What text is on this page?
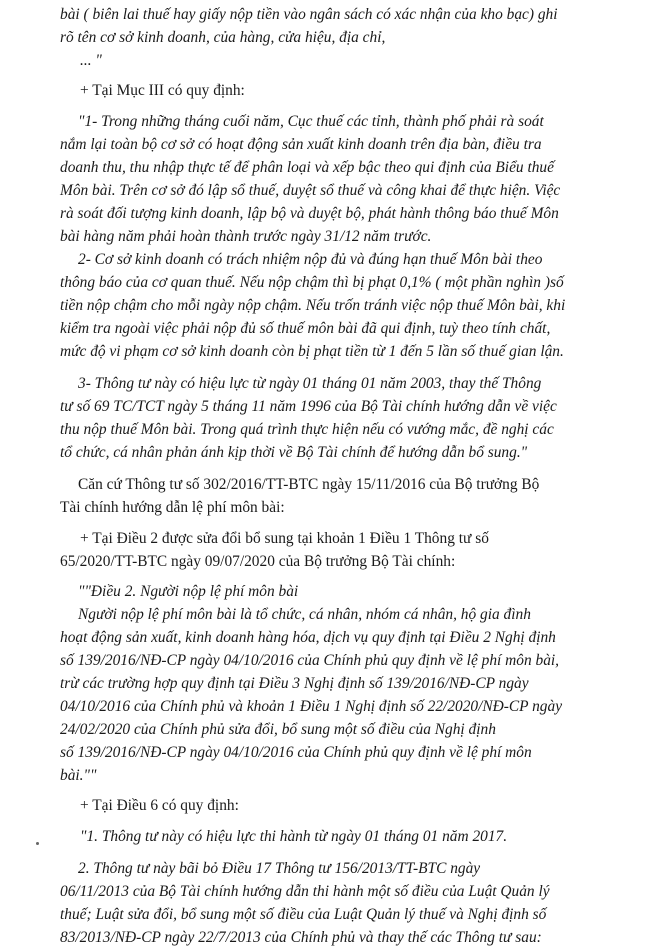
bài ( biên lai thuế hay giấy nộp tiền vào ngân sách có xác nhận của kho bạc) ghi
rõ tên cơ sở kinh doanh, của hàng, cửa hiệu, địa chỉ,
... "
+ Tại Mục III có quy định:
"1- Trong những tháng cuối năm, Cục thuế các tỉnh, thành phố phải rà soát
nắm lại toàn bộ cơ sở có hoạt động sản xuất kinh doanh trên địa bàn, điều tra
doanh thu, thu nhập thực tế để phân loại và xếp bậc theo qui định của Biểu thuế
Môn bài. Trên cơ sở đó lập sổ thuế, duyệt sổ thuế và công khai để thực hiện. Việc
rà soát đối tượng kinh doanh, lập bộ và duyệt bộ, phát hành thông báo thuế Môn
bài hàng năm phải hoàn thành trước ngày 31/12 năm trước.
2- Cơ sở kinh doanh có trách nhiệm nộp đủ và đúng hạn thuế Môn bài theo
thông báo của cơ quan thuế. Nếu nộp chậm thì bị phạt 0,1% ( một phần nghìn )số
tiền nộp chậm cho mỗi ngày nộp chậm. Nếu trốn tránh việc nộp thuế Môn bài, khi
kiểm tra ngoài việc phải nộp đủ số thuế môn bài đã qui định, tuỳ theo tính chất,
mức độ vi phạm cơ sở kinh doanh còn bị phạt tiền từ 1 đến 5 lần số thuế gian lận.
3- Thông tư này có hiệu lực từ ngày 01 tháng 01 năm 2003, thay thế Thông
tư số 69 TC/TCT ngày 5 tháng 11 năm 1996 của Bộ Tài chính hướng dẫn về việc
thu nộp thuế Môn bài. Trong quá trình thực hiện nếu có vướng mắc, đề nghị các
tổ chức, cá nhân phản ánh kịp thời về Bộ Tài chính để hướng dẫn bổ sung."
Căn cứ Thông tư số 302/2016/TT-BTC ngày 15/11/2016 của Bộ trưởng Bộ
Tài chính hướng dẫn lệ phí môn bài:
+ Tại Điều 2 được sửa đổi bổ sung tại khoản 1 Điều 1 Thông tư số
65/2020/TT-BTC ngày 09/07/2020 của Bộ trưởng Bộ Tài chính:
""Điều 2. Người nộp lệ phí môn bài
Người nộp lệ phí môn bài là tổ chức, cá nhân, nhóm cá nhân, hộ gia đình
hoạt động sản xuất, kinh doanh hàng hóa, dịch vụ quy định tại Điều 2 Nghị định
số 139/2016/NĐ-CP ngày 04/10/2016 của Chính phủ quy định về lệ phí môn bài,
trừ các trường hợp quy định tại Điều 3 Nghị định số 139/2016/NĐ-CP ngày
04/10/2016 của Chính phủ và khoản 1 Điều 1 Nghị định số 22/2020/NĐ-CP ngày
24/02/2020 của Chính phủ sửa đổi, bổ sung một số điều của Nghị định
số 139/2016/NĐ-CP ngày 04/10/2016 của Chính phủ quy định về lệ phí môn
bài.""
+ Tại Điều 6 có quy định:
"1. Thông tư này có hiệu lực thi hành từ ngày 01 tháng 01 năm 2017.
2. Thông tư này bãi bỏ Điều 17 Thông tư 156/2013/TT-BTC ngày
06/11/2013 của Bộ Tài chính hướng dẫn thi hành một số điều của Luật Quản lý
thuế; Luật sửa đổi, bổ sung một số điều của Luật Quản lý thuế và Nghị định số
83/2013/NĐ-CP ngày 22/7/2013 của Chính phủ và thay thế các Thông tư sau:
